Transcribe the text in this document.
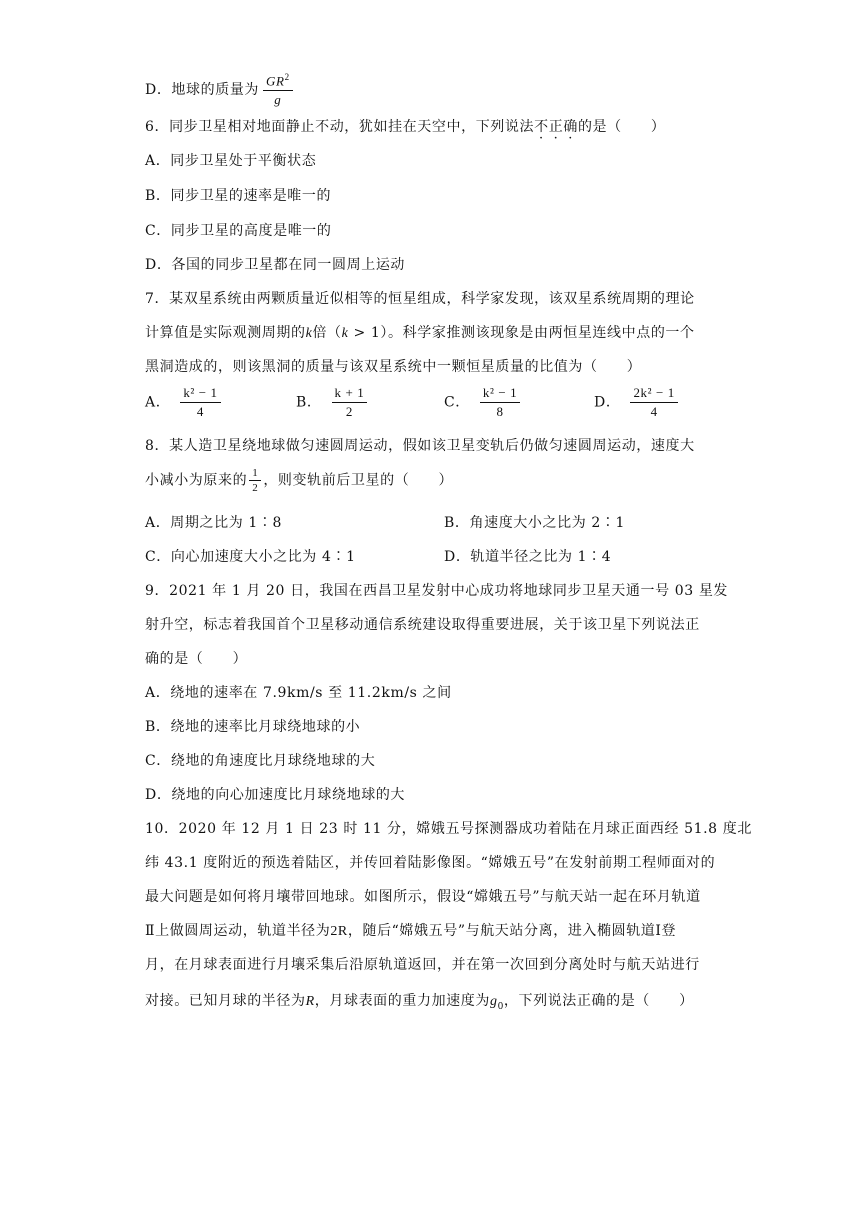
D．地球的质量为 $\frac{GR^2}{g}$
6．同步卫星相对地面静止不动，犹如挂在天空中，下列说法不正确的是（　　）
A．同步卫星处于平衡状态
B．同步卫星的速率是唯一的
C．同步卫星的高度是唯一的
D．各国的同步卫星都在同一圆周上运动
7．某双星系统由两颗质量近似相等的恒星组成，科学家发现，该双星系统周期的理论
计算值是实际观测周期的k倍（k > 1）。科学家推测该现象是由两恒星连线中点的一个
黑洞造成的，则该黑洞的质量与该双星系统中一颗恒星质量的比值为（　　）
A． $\frac{\text{k² − 1}}{4}$	B． $\frac{k + 1}{2}$	C． $\frac{\text{k² − 1}}{8}$	D． $\frac{\text{2k² − 1}}{4}$
8．某人造卫星绕地球做匀速圆周运动，假如该卫星变轨后仍做匀速圆周运动，速度大
小减小为原来的 $\frac{1}{2}$ ，则变轨前后卫星的（　　）
A．周期之比为 1∶8	B．角速度大小之比为 2∶1
C．向心加速度大小之比为 4∶1	D．轨道半径之比为 1∶4
9．2021 年 1 月 20 日，我国在西昌卫星发射中心成功将地球同步卫星天通一号 03 星发
射升空，标志着我国首个卫星移动通信系统建设取得重要进展，关于该卫星下列说法正
确的是（　　）
A．绕地的速率在 7.9km/s 至 11.2km/s 之间
B．绕地的速率比月球绕地球的小
C．绕地的角速度比月球绕地球的大
D．绕地的向心加速度比月球绕地球的大
10．2020 年 12 月 1 日 23 时 11 分，嫦娥五号探测器成功着陆在月球正面西经 51.8 度北
纬 43.1 度附近的预选着陆区，并传回着陆影像图。“嫦娥五号”在发射前期工程师面对的
最大问题是如何将月壤带回地球。如图所示，假设“嫦娥五号”与航天站一起在环月轨道
Ⅱ上做圆周运动，轨道半径为2R，随后“嫦娥五号”与航天站分离，进入椭圆轨道Ⅰ登
月，在月球表面进行月壤采集后沿原轨道返回，并在第一次回到分离处时与航天站进行
对接。已知月球的半径为R，月球表面的重力加速度为$g_0$，下列说法正确的是（　　）
